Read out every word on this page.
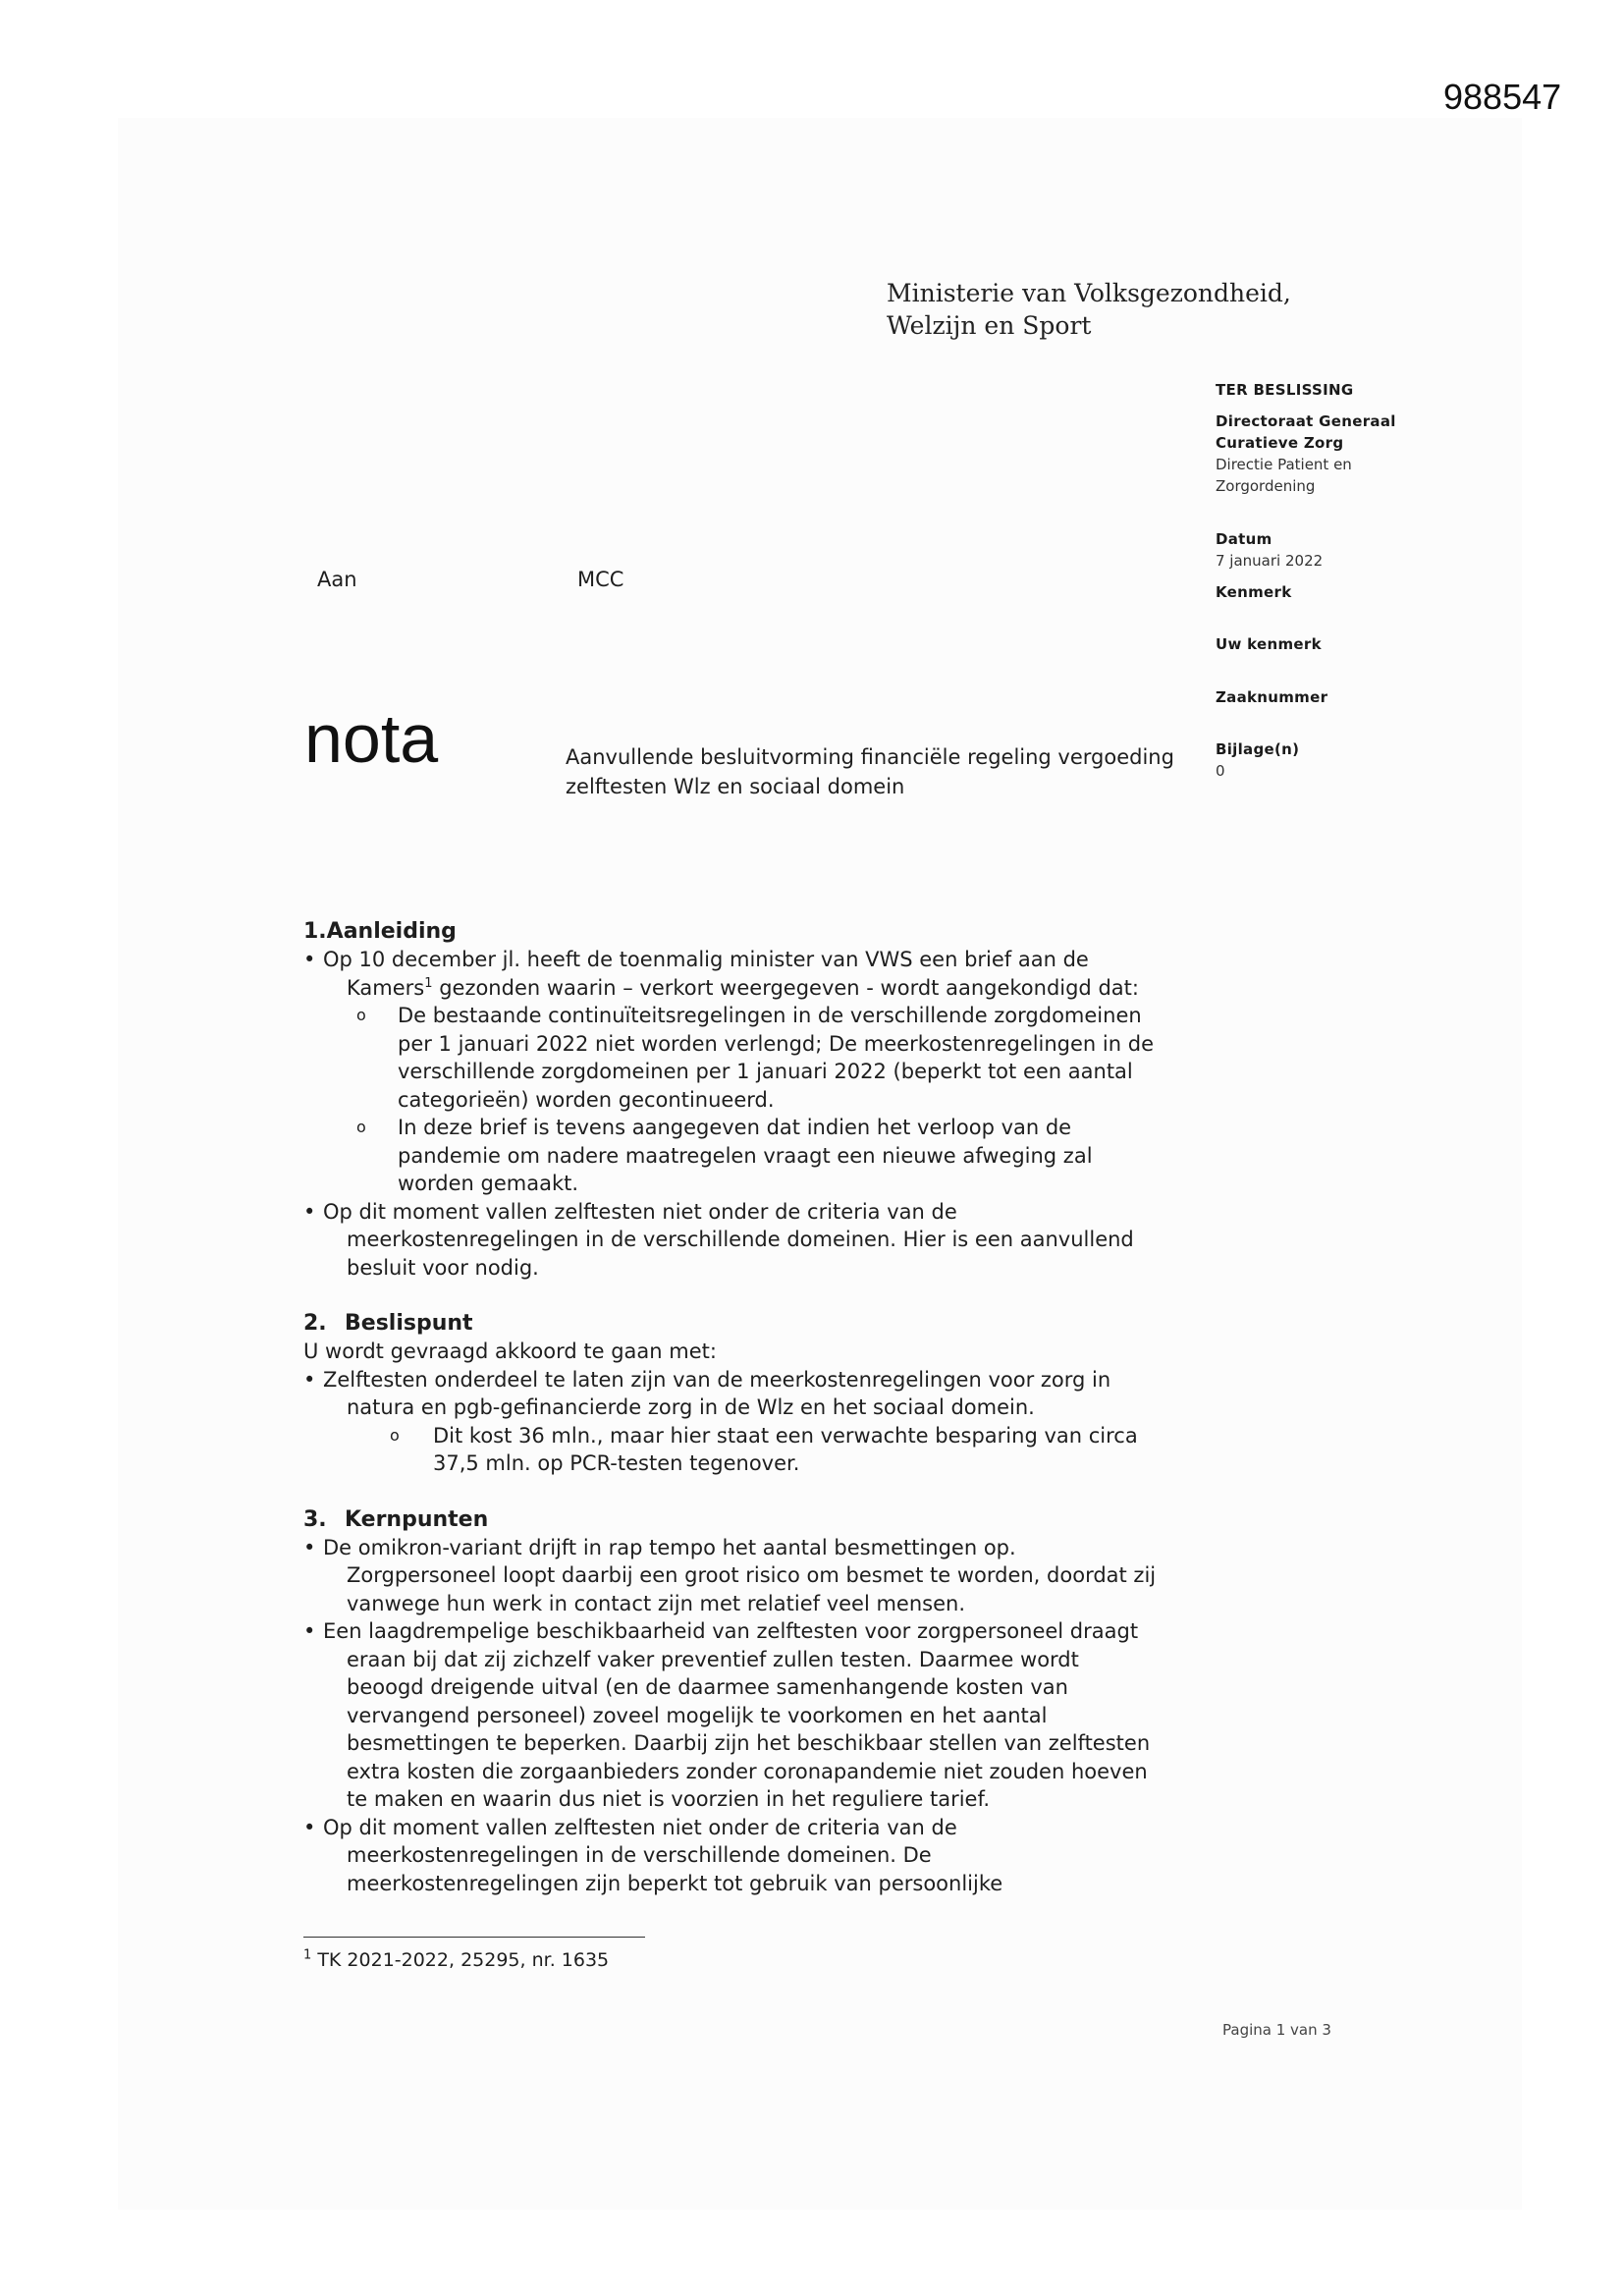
988547
Ministerie van Volksgezondheid,
Welzijn en Sport
TER BESLISSING
Directoraat Generaal
Curatieve Zorg
Directie Patient en
Zorgordening
Datum
7 januari 2022
Kenmerk
Uw kenmerk
Zaaknummer
Bijlage(n)
0
Aan	MCC
nota	Aanvullende besluitvorming financiële regeling vergoeding
zelftesten Wlz en sociaal domein
1.Aanleiding
• Op 10 december jl. heeft de toenmalig minister van VWS een brief aan de
Kamers$^1$ gezonden waarin – verkort weergegeven - wordt aangekondigd dat:
o De bestaande continuïteitsregelingen in de verschillende zorgdomeinen
per 1 januari 2022 niet worden verlengd; De meerkostenregelingen in de
verschillende zorgdomeinen per 1 januari 2022 (beperkt tot een aantal
categorieën) worden gecontinueerd.
o In deze brief is tevens aangegeven dat indien het verloop van de
pandemie om nadere maatregelen vraagt een nieuwe afweging zal
worden gemaakt.
• Op dit moment vallen zelftesten niet onder de criteria van de
meerkostenregelingen in de verschillende domeinen. Hier is een aanvullend
besluit voor nodig.
2. Beslispunt
U wordt gevraagd akkoord te gaan met:
• Zelftesten onderdeel te laten zijn van de meerkostenregelingen voor zorg in
natura en pgb-gefinancierde zorg in de Wlz en het sociaal domein.
o Dit kost 36 mln., maar hier staat een verwachte besparing van circa
37,5 mln. op PCR-testen tegenover.
3. Kernpunten
• De omikron-variant drijft in rap tempo het aantal besmettingen op.
Zorgpersoneel loopt daarbij een groot risico om besmet te worden, doordat zij
vanwege hun werk in contact zijn met relatief veel mensen.
• Een laagdrempelige beschikbaarheid van zelftesten voor zorgpersoneel draagt
eraan bij dat zij zichzelf vaker preventief zullen testen. Daarmee wordt
beoogd dreigende uitval (en de daarmee samenhangende kosten van
vervangend personeel) zoveel mogelijk te voorkomen en het aantal
besmettingen te beperken. Daarbij zijn het beschikbaar stellen van zelftesten
extra kosten die zorgaanbieders zonder coronapandemie niet zouden hoeven
te maken en waarin dus niet is voorzien in het reguliere tarief.
• Op dit moment vallen zelftesten niet onder de criteria van de
meerkostenregelingen in de verschillende domeinen. De
meerkostenregelingen zijn beperkt tot gebruik van persoonlijke
$^1$ TK 2021-2022, 25295, nr. 1635
Pagina 1 van 3
